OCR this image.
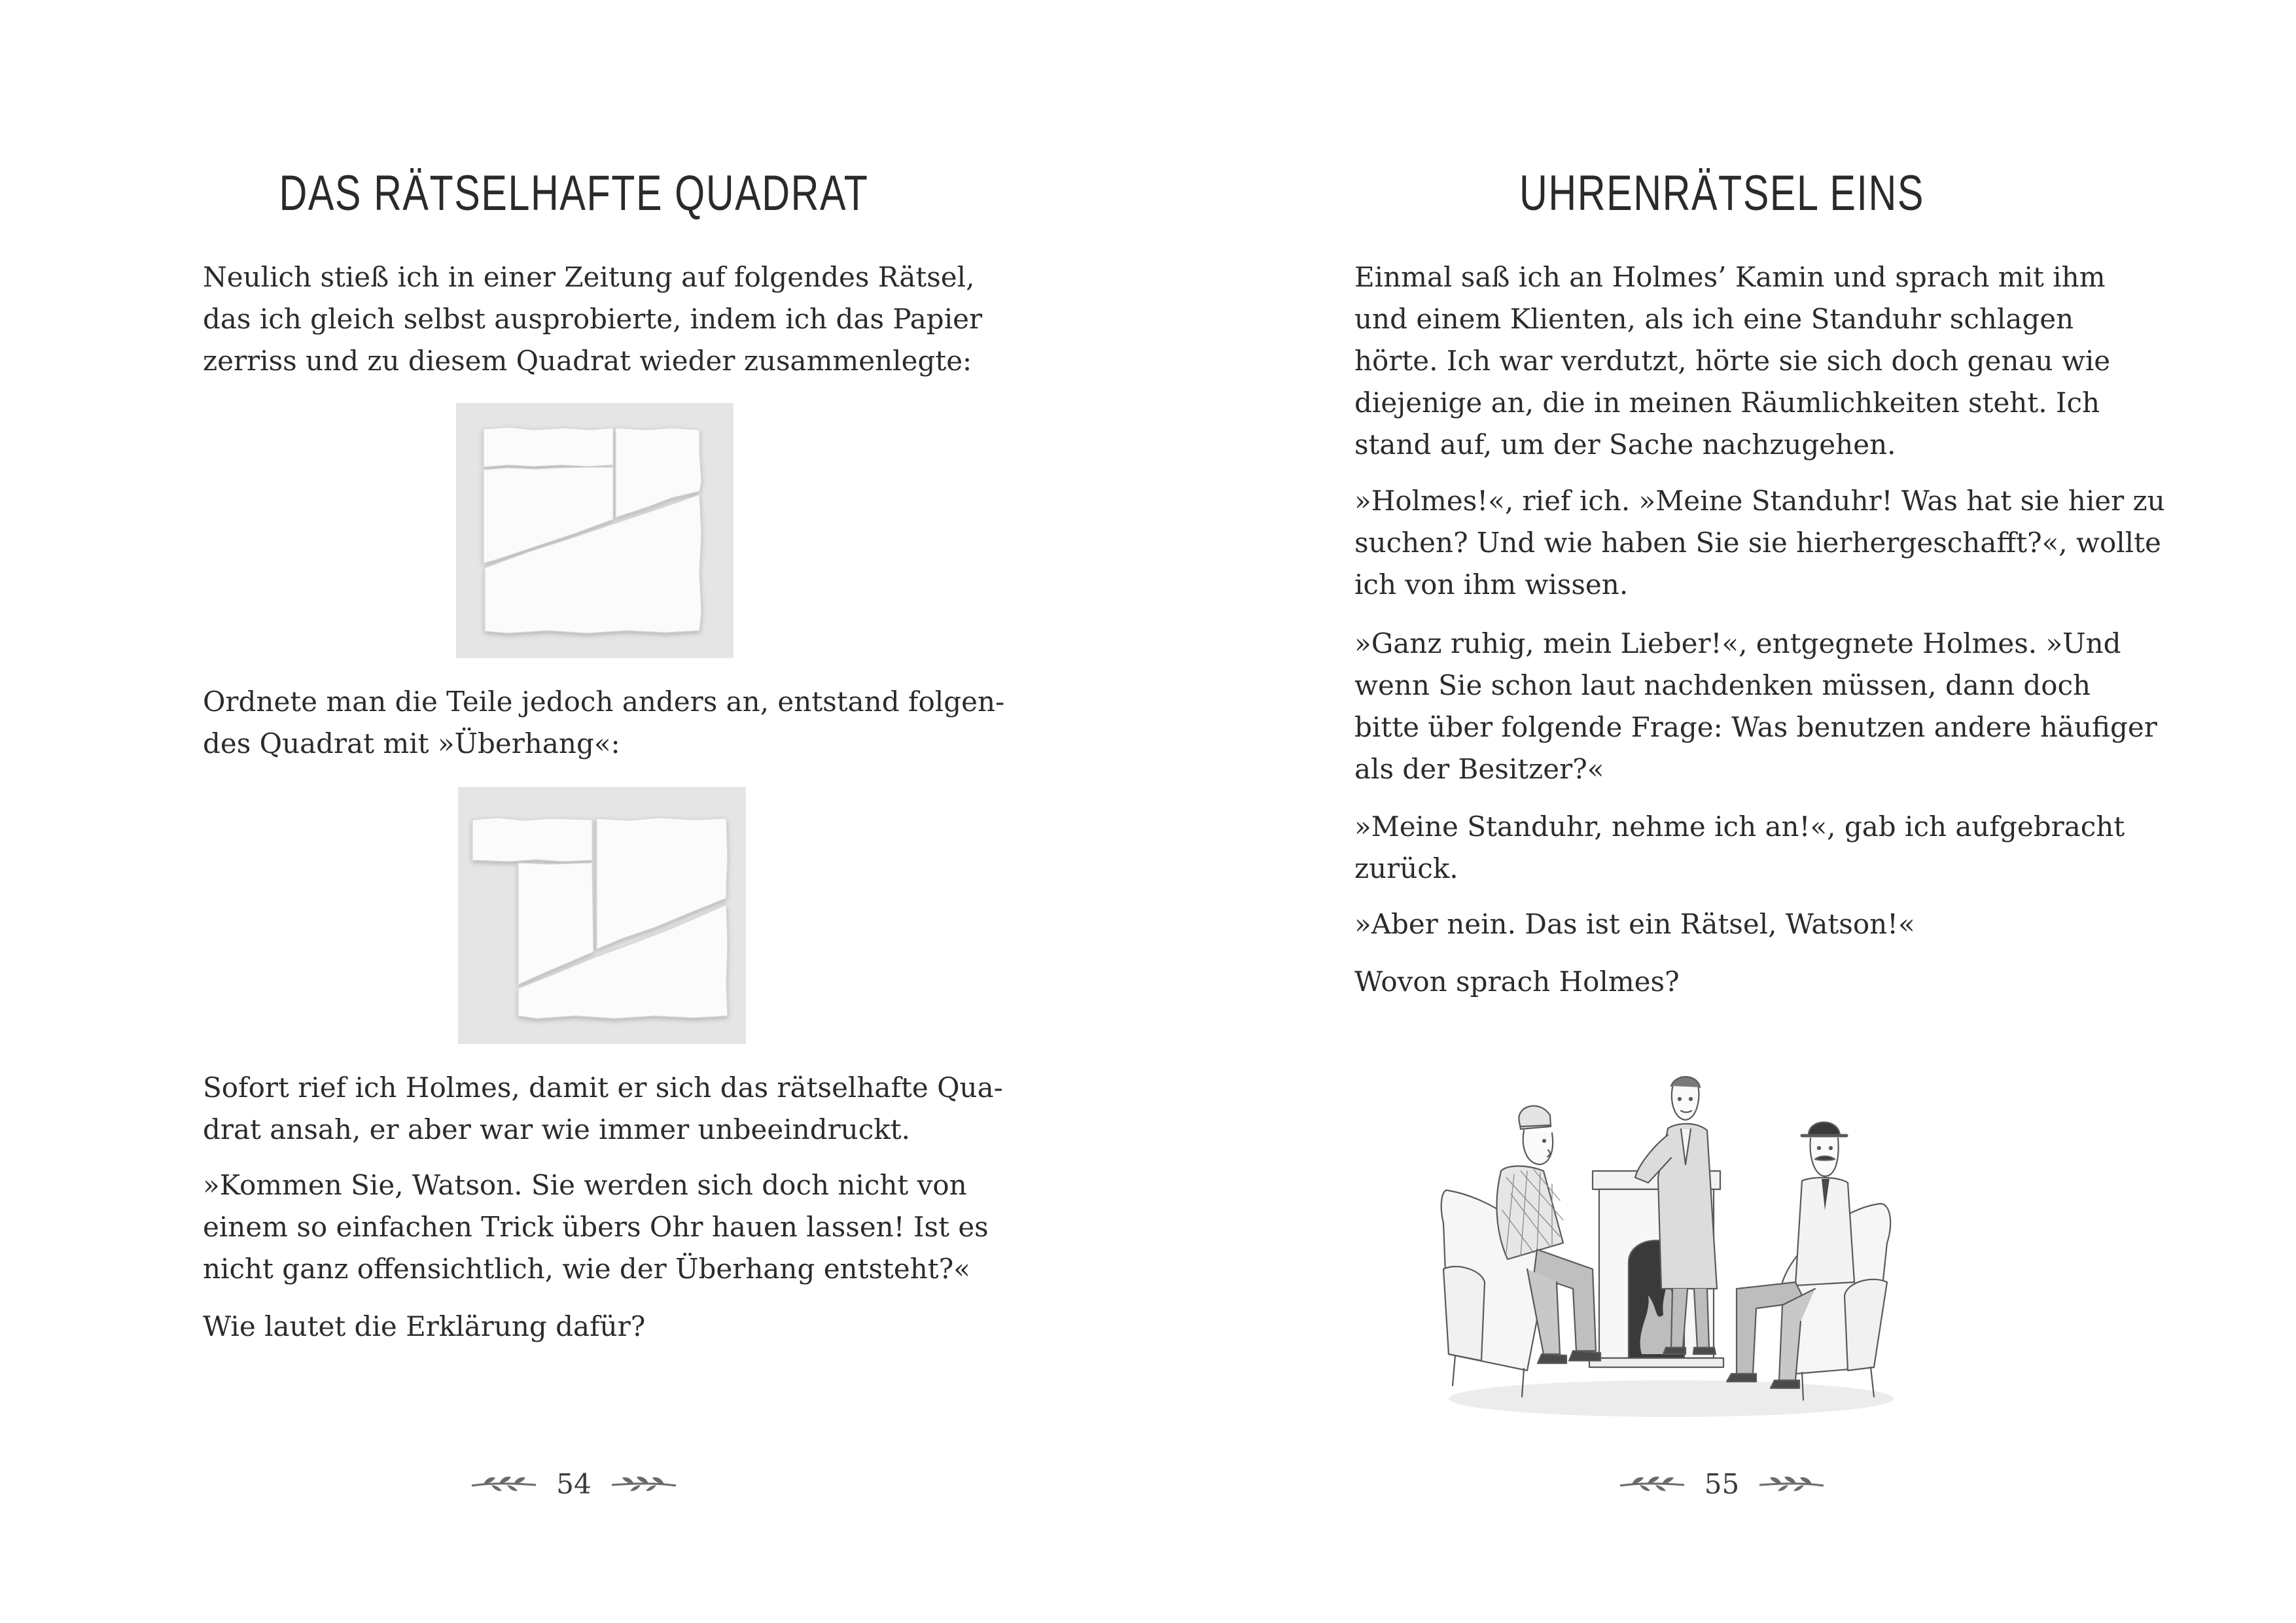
DAS RÄTSELHAFTE QUADRAT
Neulich stieß ich in einer Zeitung auf folgendes Rätsel,
das ich gleich selbst ausprobierte, indem ich das Papier
zerriss und zu diesem Quadrat wieder zusammenlegte:
Ordnete man die Teile jedoch anders an, entstand folgen-
des Quadrat mit »Überhang«:
Sofort rief ich Holmes, damit er sich das rätselhafte Qua-
drat ansah, er aber war wie immer unbeeindruckt.
»Kommen Sie, Watson. Sie werden sich doch nicht von
einem so einfachen Trick übers Ohr hauen lassen! Ist es
nicht ganz offensichtlich, wie der Überhang entsteht?«
Wie lautet die Erklärung dafür?
54
UHRENRÄTSEL EINS
Einmal saß ich an Holmes’ Kamin und sprach mit ihm
und einem Klienten, als ich eine Standuhr schlagen
hörte. Ich war verdutzt, hörte sie sich doch genau wie
diejenige an, die in meinen Räumlichkeiten steht. Ich
stand auf, um der Sache nachzugehen.
»Holmes!«, rief ich. »Meine Standuhr! Was hat sie hier zu
suchen? Und wie haben Sie sie hierhergeschafft?«, wollte
ich von ihm wissen.
»Ganz ruhig, mein Lieber!«, entgegnete Holmes. »Und
wenn Sie schon laut nachdenken müssen, dann doch
bitte über folgende Frage: Was benutzen andere häufiger
als der Besitzer?«
»Meine Standuhr, nehme ich an!«, gab ich aufgebracht
zurück.
»Aber nein. Das ist ein Rätsel, Watson!«
Wovon sprach Holmes?
55
